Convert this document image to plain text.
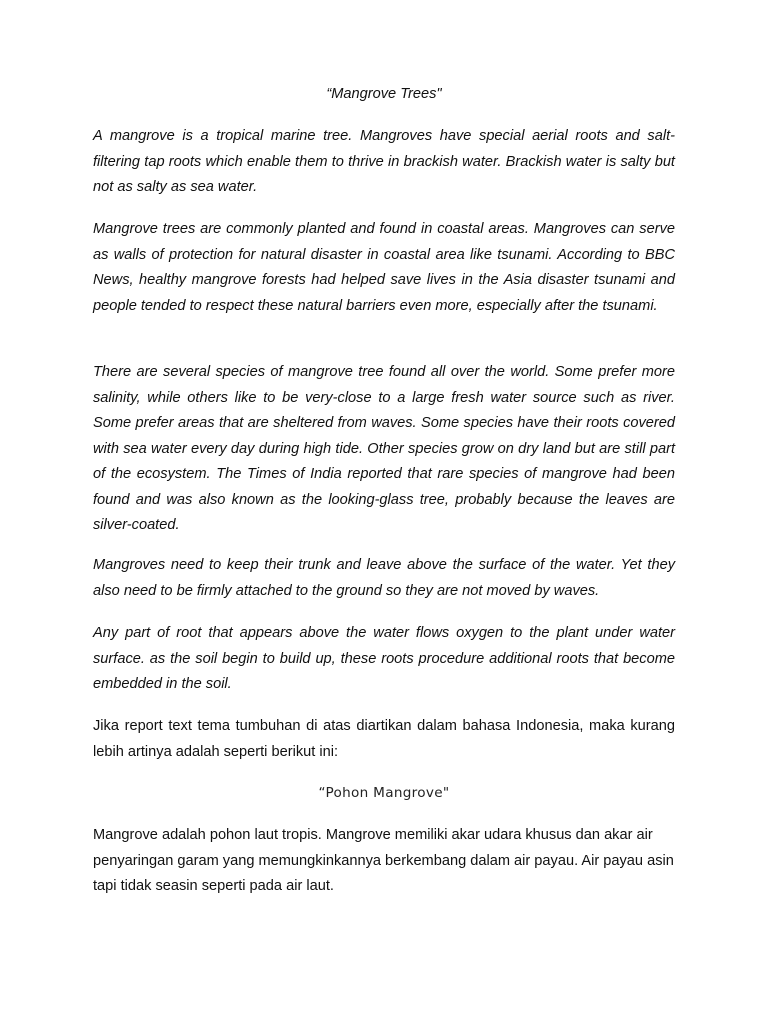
“Mangrove Trees"

A mangrove is a tropical marine tree. Mangroves have special aerial roots and salt-filtering tap roots which enable them to thrive in brackish water. Brackish water is salty but not as salty as sea water.

Mangrove trees are commonly planted and found in coastal areas. Mangroves can serve as walls of protection for natural disaster in coastal area like tsunami. According to BBC News, healthy mangrove forests had helped save lives in the Asia disaster tsunami and people tended to respect these natural barriers even more, especially after the tsunami.

There are several species of mangrove tree found all over the world. Some prefer more salinity, while others like to be very-close to a large fresh water source such as river. Some prefer areas that are sheltered from waves. Some species have their roots covered with sea water every day during high tide. Other species grow on dry land but are still part of the ecosystem. The Times of India reported that rare species of mangrove had been found and was also known as the looking-glass tree, probably because the leaves are silver-coated.

Mangroves need to keep their trunk and leave above the surface of the water. Yet they also need to be firmly attached to the ground so they are not moved by waves.

Any part of root that appears above the water flows oxygen to the plant under water surface. as the soil begin to build up, these roots procedure additional roots that become embedded in the soil.

Jika report text tema tumbuhan di atas diartikan dalam bahasa Indonesia, maka kurang lebih artinya adalah seperti berikut ini:

“Pohon Mangrove"

Mangrove adalah pohon laut tropis. Mangrove memiliki akar udara khusus dan akar air penyaringan garam yang memungkinkannya berkembang dalam air payau. Air payau asin tapi tidak seasin seperti pada air laut.
